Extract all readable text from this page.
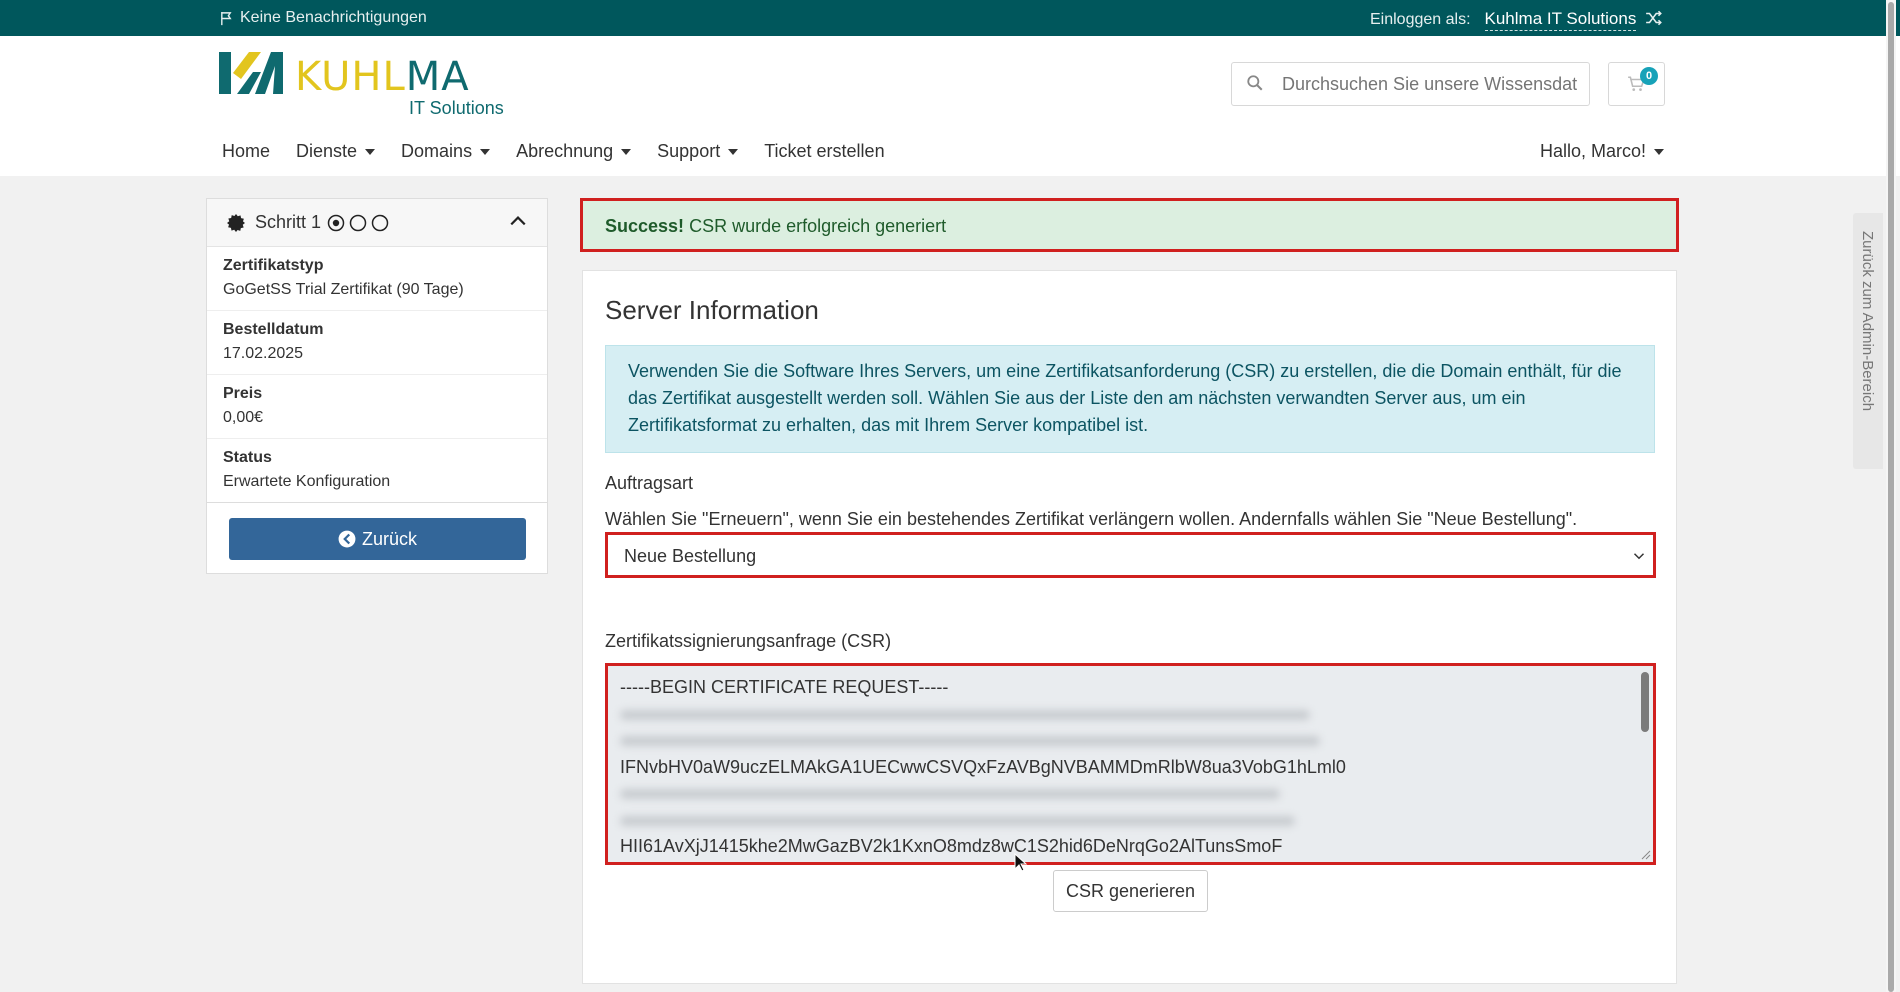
Keine Benachrichtigungen	Einloggen als: Kuhlma IT Solutions
KUHLMA
IT Solutions
Durchsuchen Sie unsere Wissensdat
0
Home Dienste Domains Abrechnung Support Ticket erstellen	Hallo, Marco!
Schritt 1
Zertifikatstyp
GoGetSS Trial Zertifikat (90 Tage)
Bestelldatum
17.02.2025
Preis
0,00€
Status
Erwartete Konfiguration
Zurück
Success! CSR wurde erfolgreich generiert
Server Information
Verwenden Sie die Software Ihres Servers, um eine Zertifikatsanforderung (CSR) zu erstellen, die die Domain enthält, für die das Zertifikat ausgestellt werden soll. Wählen Sie aus der Liste den am nächsten verwandten Server aus, um ein Zertifikatsformat zu erhalten, das mit Ihrem Server kompatibel ist.
Auftragsart
Wählen Sie "Erneuern", wenn Sie ein bestehendes Zertifikat verlängern wollen. Andernfalls wählen Sie "Neue Bestellung".
Neue Bestellung
Zertifikatssignierungsanfrage (CSR)
-----BEGIN CERTIFICATE REQUEST-----
IFNvbHV0aW9uczELMAkGA1UECwwCSVQxFzAVBgNVBAMMDmRlbW8ua3VobG1hLml0
HII61AvXjJ1415khe2MwGazBV2k1KxnO8mdz8wC1S2hid6DeNrqGo2AlTunsSmoF
CSR generieren
Zurück zum Admin-Bereich
